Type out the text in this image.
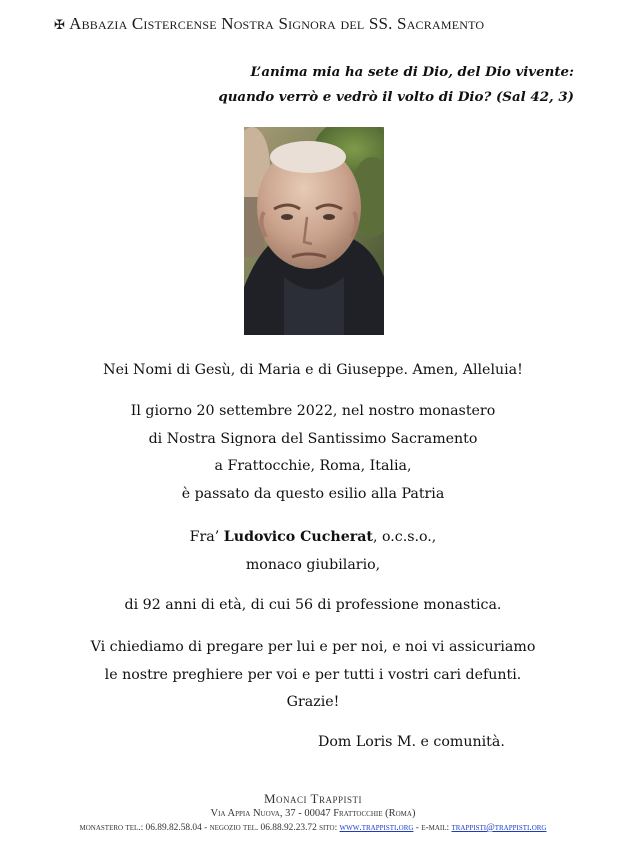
✠ Abbazia Cistercense Nostra Signora del SS. Sacramento
L’anima mia ha sete di Dio, del Dio vivente:
quando verrò e vedrò il volto di Dio? (Sal 42, 3)
Nei Nomi di Gesù, di Maria e di Giuseppe. Amen, Alleluia!
Il giorno 20 settembre 2022, nel nostro monastero
di Nostra Signora del Santissimo Sacramento
a Frattocchie, Roma, Italia,
è passato da questo esilio alla Patria
Fra’ Ludovico Cucherat, o.c.s.o.,
monaco giubilario,
di 92 anni di età, di cui 56 di professione monastica.
Vi chiediamo di pregare per lui e per noi, e noi vi assicuriamo
le nostre preghiere per voi e per tutti i vostri cari defunti.
Grazie!
Dom Loris M. e comunità.
Monaci Trappisti
Via Appia Nuova, 37 - 00047 Frattocchie (Roma)
monastero tel.: 06.89.82.58.04 - negozio tel. 06.88.92.23.72 sito: www.trappisti.org - e-mail: trappisti@trappisti.org
